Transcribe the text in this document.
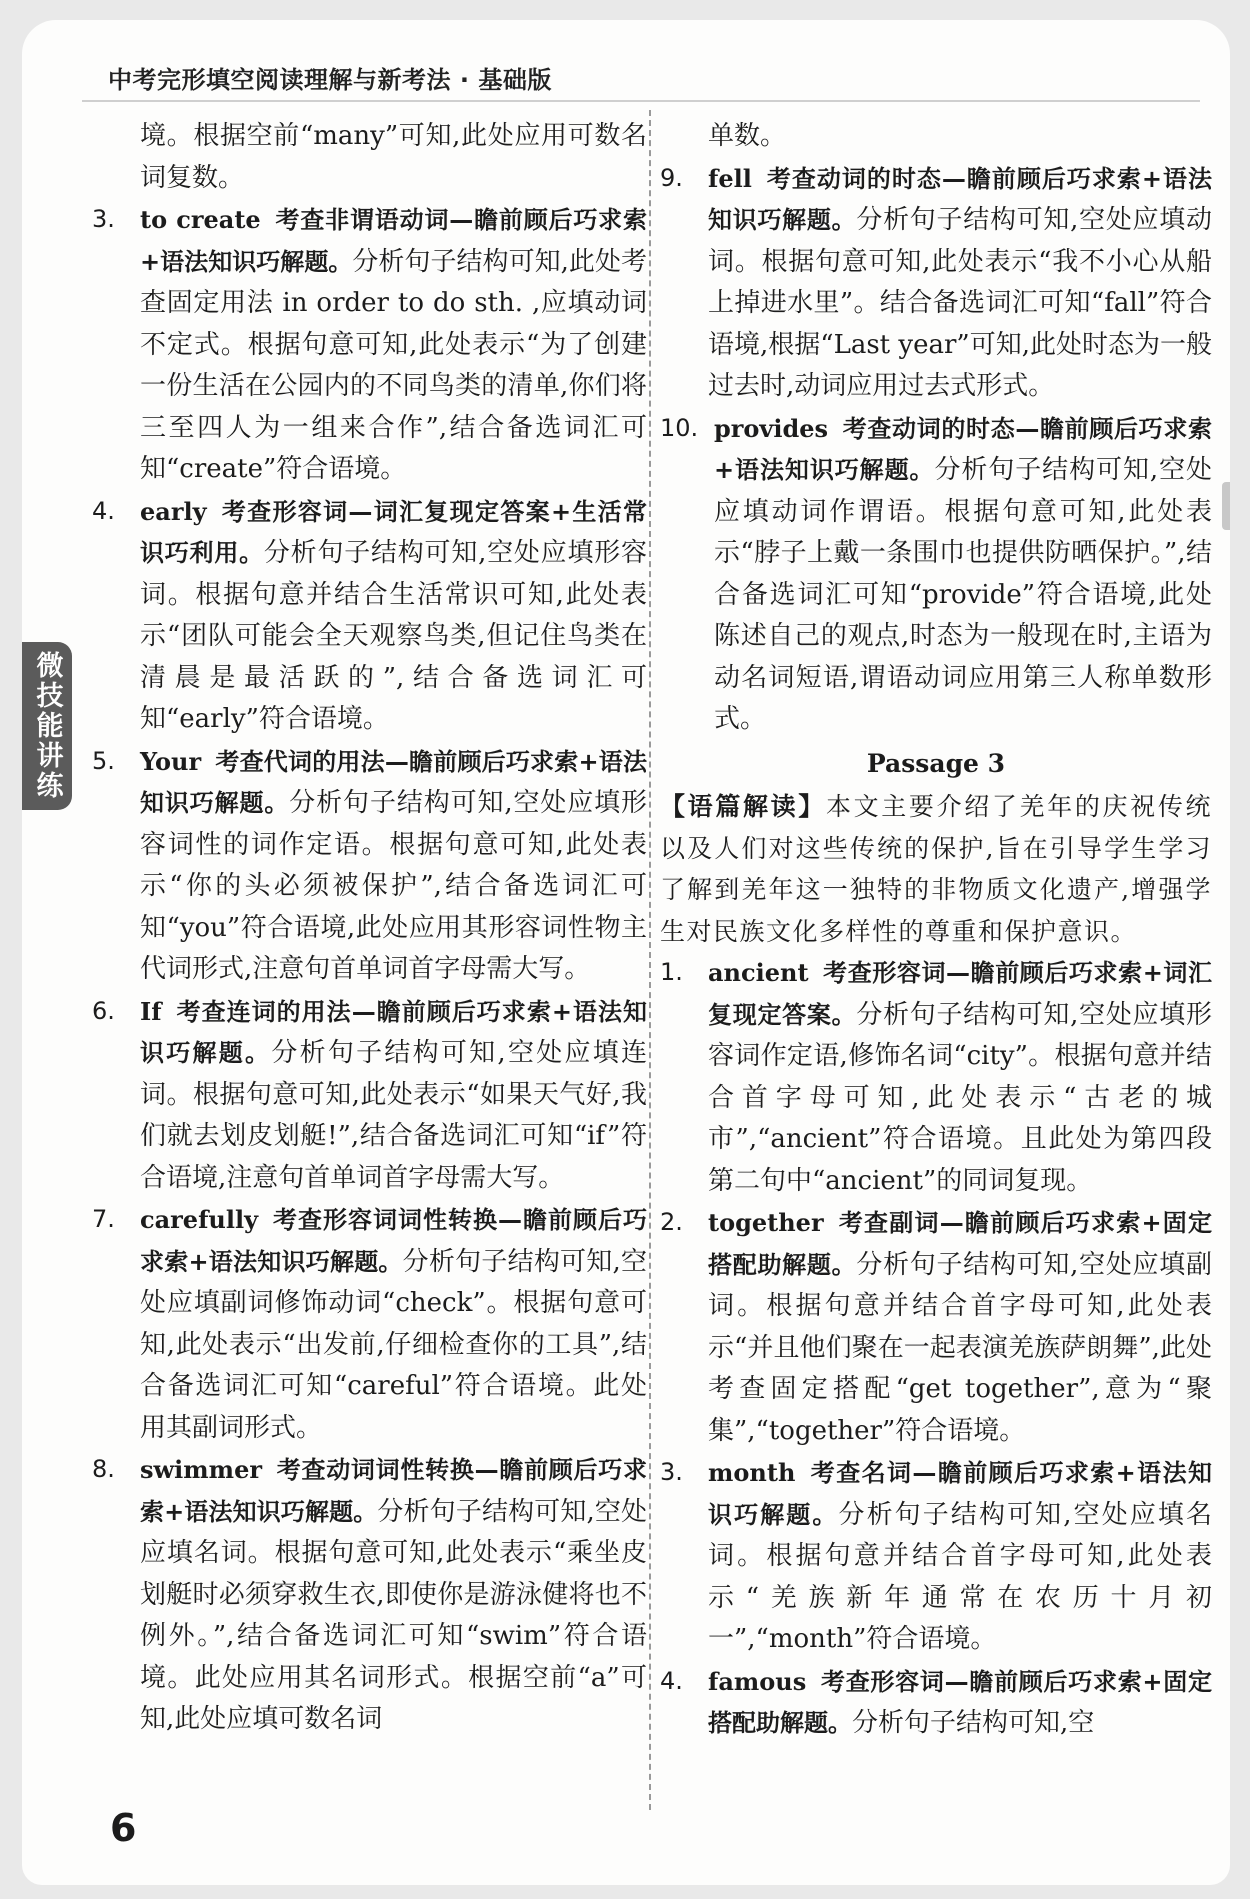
中考完形填空阅读理解与新考法 · 基础版
境。根据空前“many”可知,此处应用可数名词复数。
3. to create 考查非谓语动词—瞻前顾后巧求索+语法知识巧解题。分析句子结构可知,此处考查固定用法 in order to do sth. ,应填动词不定式。根据句意可知,此处表示“为了创建一份生活在公园内的不同鸟类的清单,你们将三至四人为一组来合作”,结合备选词汇可知“create”符合语境。
4. early 考查形容词—词汇复现定答案+生活常识巧利用。分析句子结构可知,空处应填形容词。根据句意并结合生活常识可知,此处表示“团队可能会全天观察鸟类,但记住鸟类在清晨是最活跃的”,结合备选词汇可知“early”符合语境。
5. Your 考查代词的用法—瞻前顾后巧求索+语法知识巧解题。分析句子结构可知,空处应填形容词性的词作定语。根据句意可知,此处表示“你的头必须被保护”,结合备选词汇可知“you”符合语境,此处应用其形容词性物主代词形式,注意句首单词首字母需大写。
6. If 考查连词的用法—瞻前顾后巧求索+语法知识巧解题。分析句子结构可知,空处应填连词。根据句意可知,此处表示“如果天气好,我们就去划皮划艇!”,结合备选词汇可知“if”符合语境,注意句首单词首字母需大写。
7. carefully 考查形容词词性转换—瞻前顾后巧求索+语法知识巧解题。分析句子结构可知,空处应填副词修饰动词“check”。根据句意可知,此处表示“出发前,仔细检查你的工具”,结合备选词汇可知“careful”符合语境。此处用其副词形式。
8. swimmer 考查动词词性转换—瞻前顾后巧求索+语法知识巧解题。分析句子结构可知,空处应填名词。根据句意可知,此处表示“乘坐皮划艇时必须穿救生衣,即使你是游泳健将也不例外。”,结合备选词汇可知“swim”符合语境。此处应用其名词形式。根据空前“a”可知,此处应填可数名词
单数。
9. fell 考查动词的时态—瞻前顾后巧求索+语法知识巧解题。分析句子结构可知,空处应填动词。根据句意可知,此处表示“我不小心从船上掉进水里”。结合备选词汇可知“fall”符合语境,根据“Last year”可知,此处时态为一般过去时,动词应用过去式形式。
10. provides 考查动词的时态—瞻前顾后巧求索+语法知识巧解题。分析句子结构可知,空处应填动词作谓语。根据句意可知,此处表示“脖子上戴一条围巾也提供防晒保护。”,结合备选词汇可知“provide”符合语境,此处陈述自己的观点,时态为一般现在时,主语为动名词短语,谓语动词应用第三人称单数形式。
Passage 3
【语篇解读】本文主要介绍了羌年的庆祝传统以及人们对这些传统的保护,旨在引导学生学习了解到羌年这一独特的非物质文化遗产,增强学生对民族文化多样性的尊重和保护意识。
1. ancient 考查形容词—瞻前顾后巧求索+词汇复现定答案。分析句子结构可知,空处应填形容词作定语,修饰名词“city”。根据句意并结合首字母可知,此处表示“古老的城市”,“ancient”符合语境。且此处为第四段第二句中“ancient”的同词复现。
2. together 考查副词—瞻前顾后巧求索+固定搭配助解题。分析句子结构可知,空处应填副词。根据句意并结合首字母可知,此处表示“并且他们聚在一起表演羌族萨朗舞”,此处考查固定搭配“get together”,意为“聚集”,“together”符合语境。
3. month 考查名词—瞻前顾后巧求索+语法知识巧解题。分析句子结构可知,空处应填名词。根据句意并结合首字母可知,此处表示“羌族新年通常在农历十月初一”,“month”符合语境。
4. famous 考查形容词—瞻前顾后巧求索+固定搭配助解题。分析句子结构可知,空
微技能讲练
6
